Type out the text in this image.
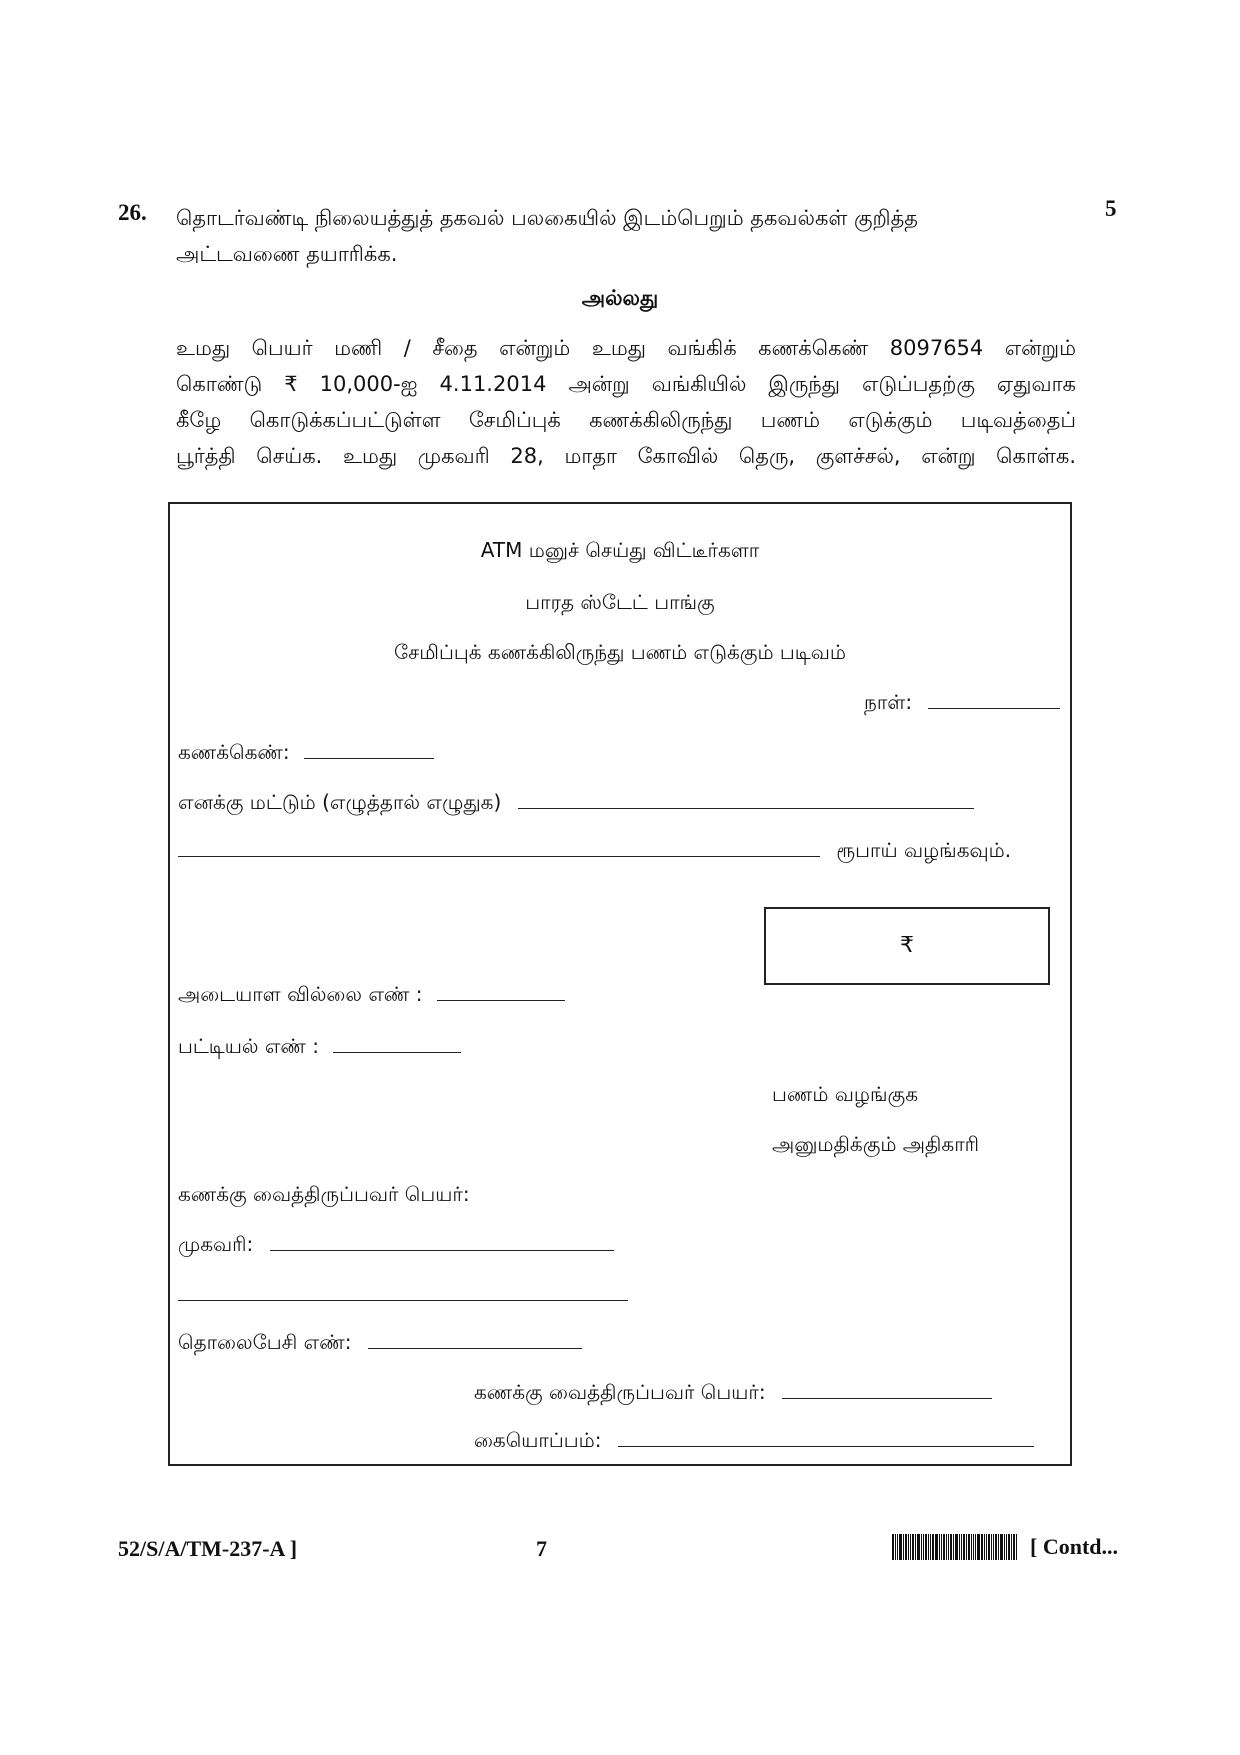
26.	5
தொடர்வண்டி நிலையத்துத் தகவல் பலகையில் இடம்பெறும் தகவல்கள் குறித்த
அட்டவணை தயாரிக்க.
அல்லது
உமது பெயர் மணி / சீதை என்றும் உமது வங்கிக் கணக்கெண் 8097654 என்றும்
கொண்டு ₹ 10,000-ஐ 4.11.2014 அன்று வங்கியில் இருந்து எடுப்பதற்கு ஏதுவாக
கீழே கொடுக்கப்பட்டுள்ள சேமிப்புக் கணக்கிலிருந்து பணம் எடுக்கும் படிவத்தைப்
பூர்த்தி செய்க. உமது முகவரி 28, மாதா கோவில் தெரு, குளச்சல், என்று கொள்க.
ATM மனுச் செய்து விட்டீர்களா
பாரத ஸ்டேட் பாங்கு
சேமிப்புக் கணக்கிலிருந்து பணம் எடுக்கும் படிவம்
நாள்:
கணக்கெண்:
எனக்கு மட்டும் (எழுத்தால் எழுதுக)
ரூபாய் வழங்கவும்.
₹
அடையாள வில்லை எண் :
பட்டியல் எண் :
பணம் வழங்குக
அனுமதிக்கும் அதிகாரி
கணக்கு வைத்திருப்பவர் பெயர்:
முகவரி:
தொலைபேசி எண்:
கணக்கு வைத்திருப்பவர் பெயர்:
கையொப்பம்:
52/S/A/TM-237-A ]	7	[ Contd...
